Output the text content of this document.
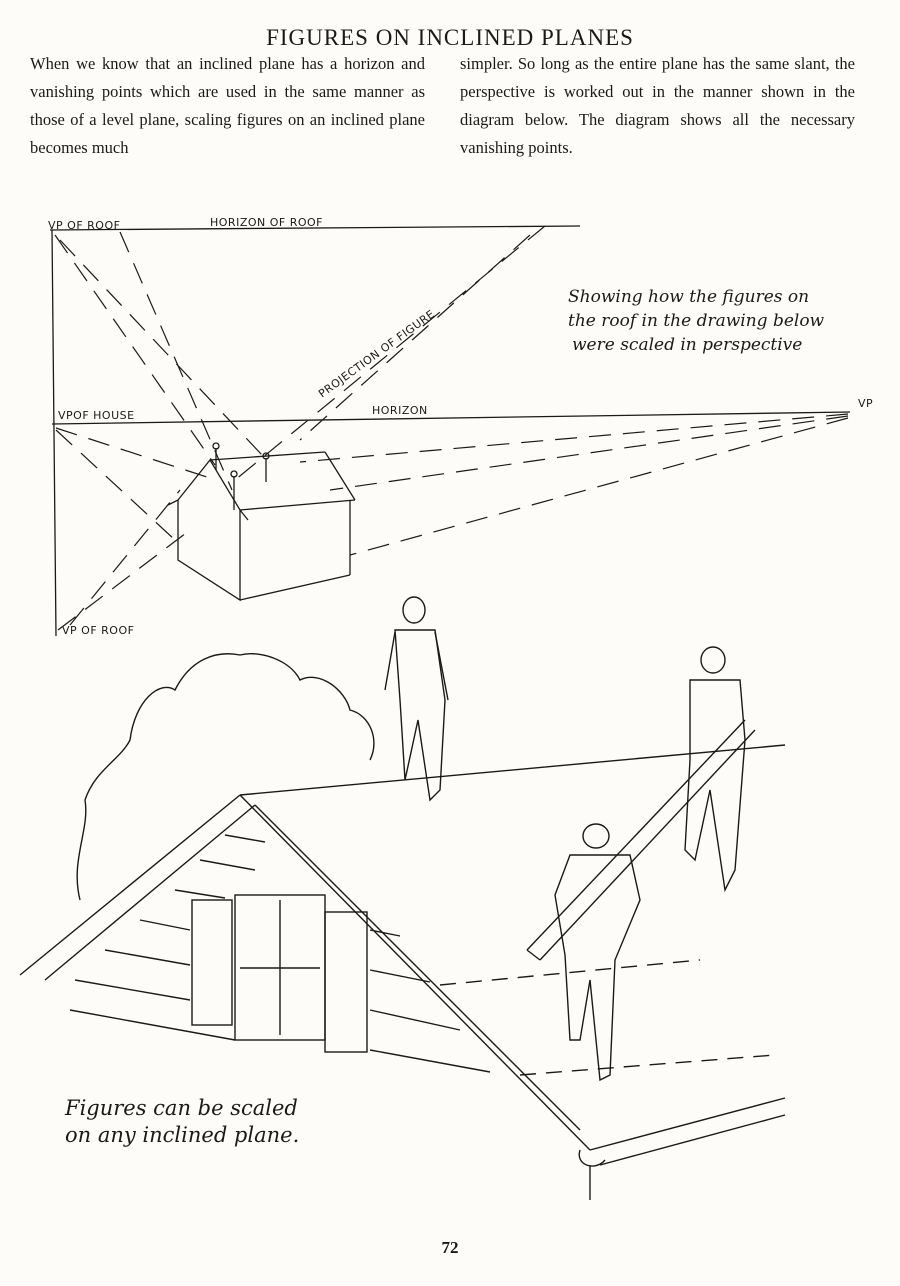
FIGURES ON INCLINED PLANES
When we know that an inclined plane has a horizon and vanishing points which are used in the same manner as those of a level plane, scaling figures on an inclined plane becomes much
simpler. So long as the entire plane has the same slant, the perspective is worked out in the manner shown in the diagram below. The diagram shows all the necessary vanishing points.
VP OF ROOF	HORIZON OF ROOF
PROJECTION OF FIGURE
VPOF HOUSE	HORIZON
VP
VP OF ROOF
Showing how the figures on
the roof in the drawing below
were scaled in perspective
Figures can be scaled
on any inclined plane.
72
